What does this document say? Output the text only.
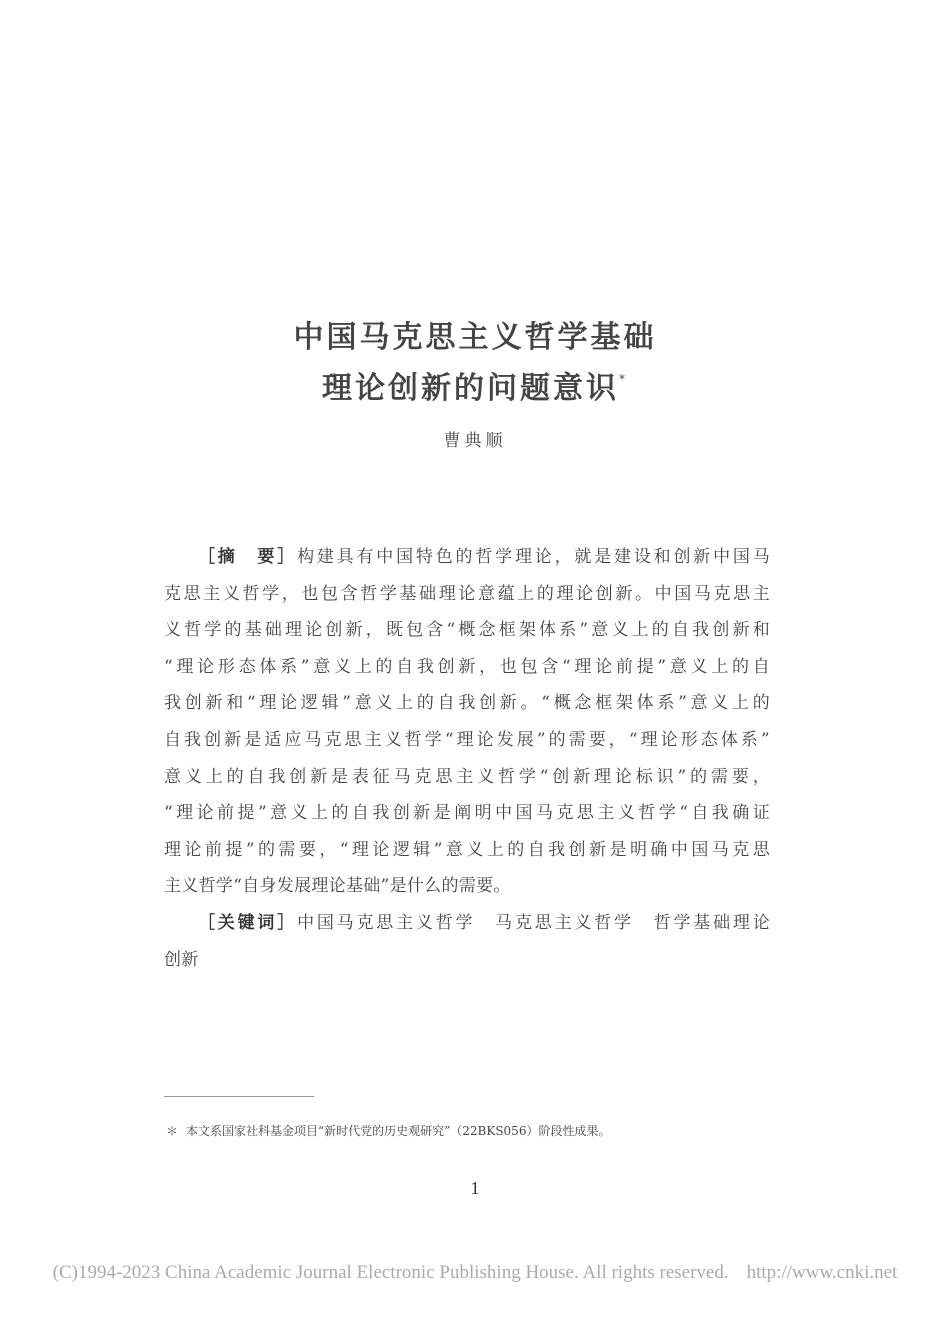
中国马克思主义哲学基础
理论创新的问题意识*
曹典顺
［摘　要］构建具有中国特色的哲学理论，就是建设和创新中国马
克思主义哲学，也包含哲学基础理论意蕴上的理论创新。中国马克思主
义哲学的基础理论创新，既包含“概念框架体系”意义上的自我创新和
“理论形态体系”意义上的自我创新，也包含“理论前提”意义上的自
我创新和“理论逻辑”意义上的自我创新。“概念框架体系”意义上的
自我创新是适应马克思主义哲学“理论发展”的需要，“理论形态体系”
意义上的自我创新是表征马克思主义哲学“创新理论标识”的需要，
“理论前提”意义上的自我创新是阐明中国马克思主义哲学“自我确证
理论前提”的需要，“理论逻辑”意义上的自我创新是明确中国马克思
主义哲学“自身发展理论基础”是什么的需要。
［关键词］中国马克思主义哲学　马克思主义哲学　哲学基础理论
创新
＊ 本文系国家社科基金项目“新时代党的历史观研究”（22BKS056）阶段性成果。
1
(C)1994-2023 China Academic Journal Electronic Publishing House. All rights reserved. http://www.cnki.net
